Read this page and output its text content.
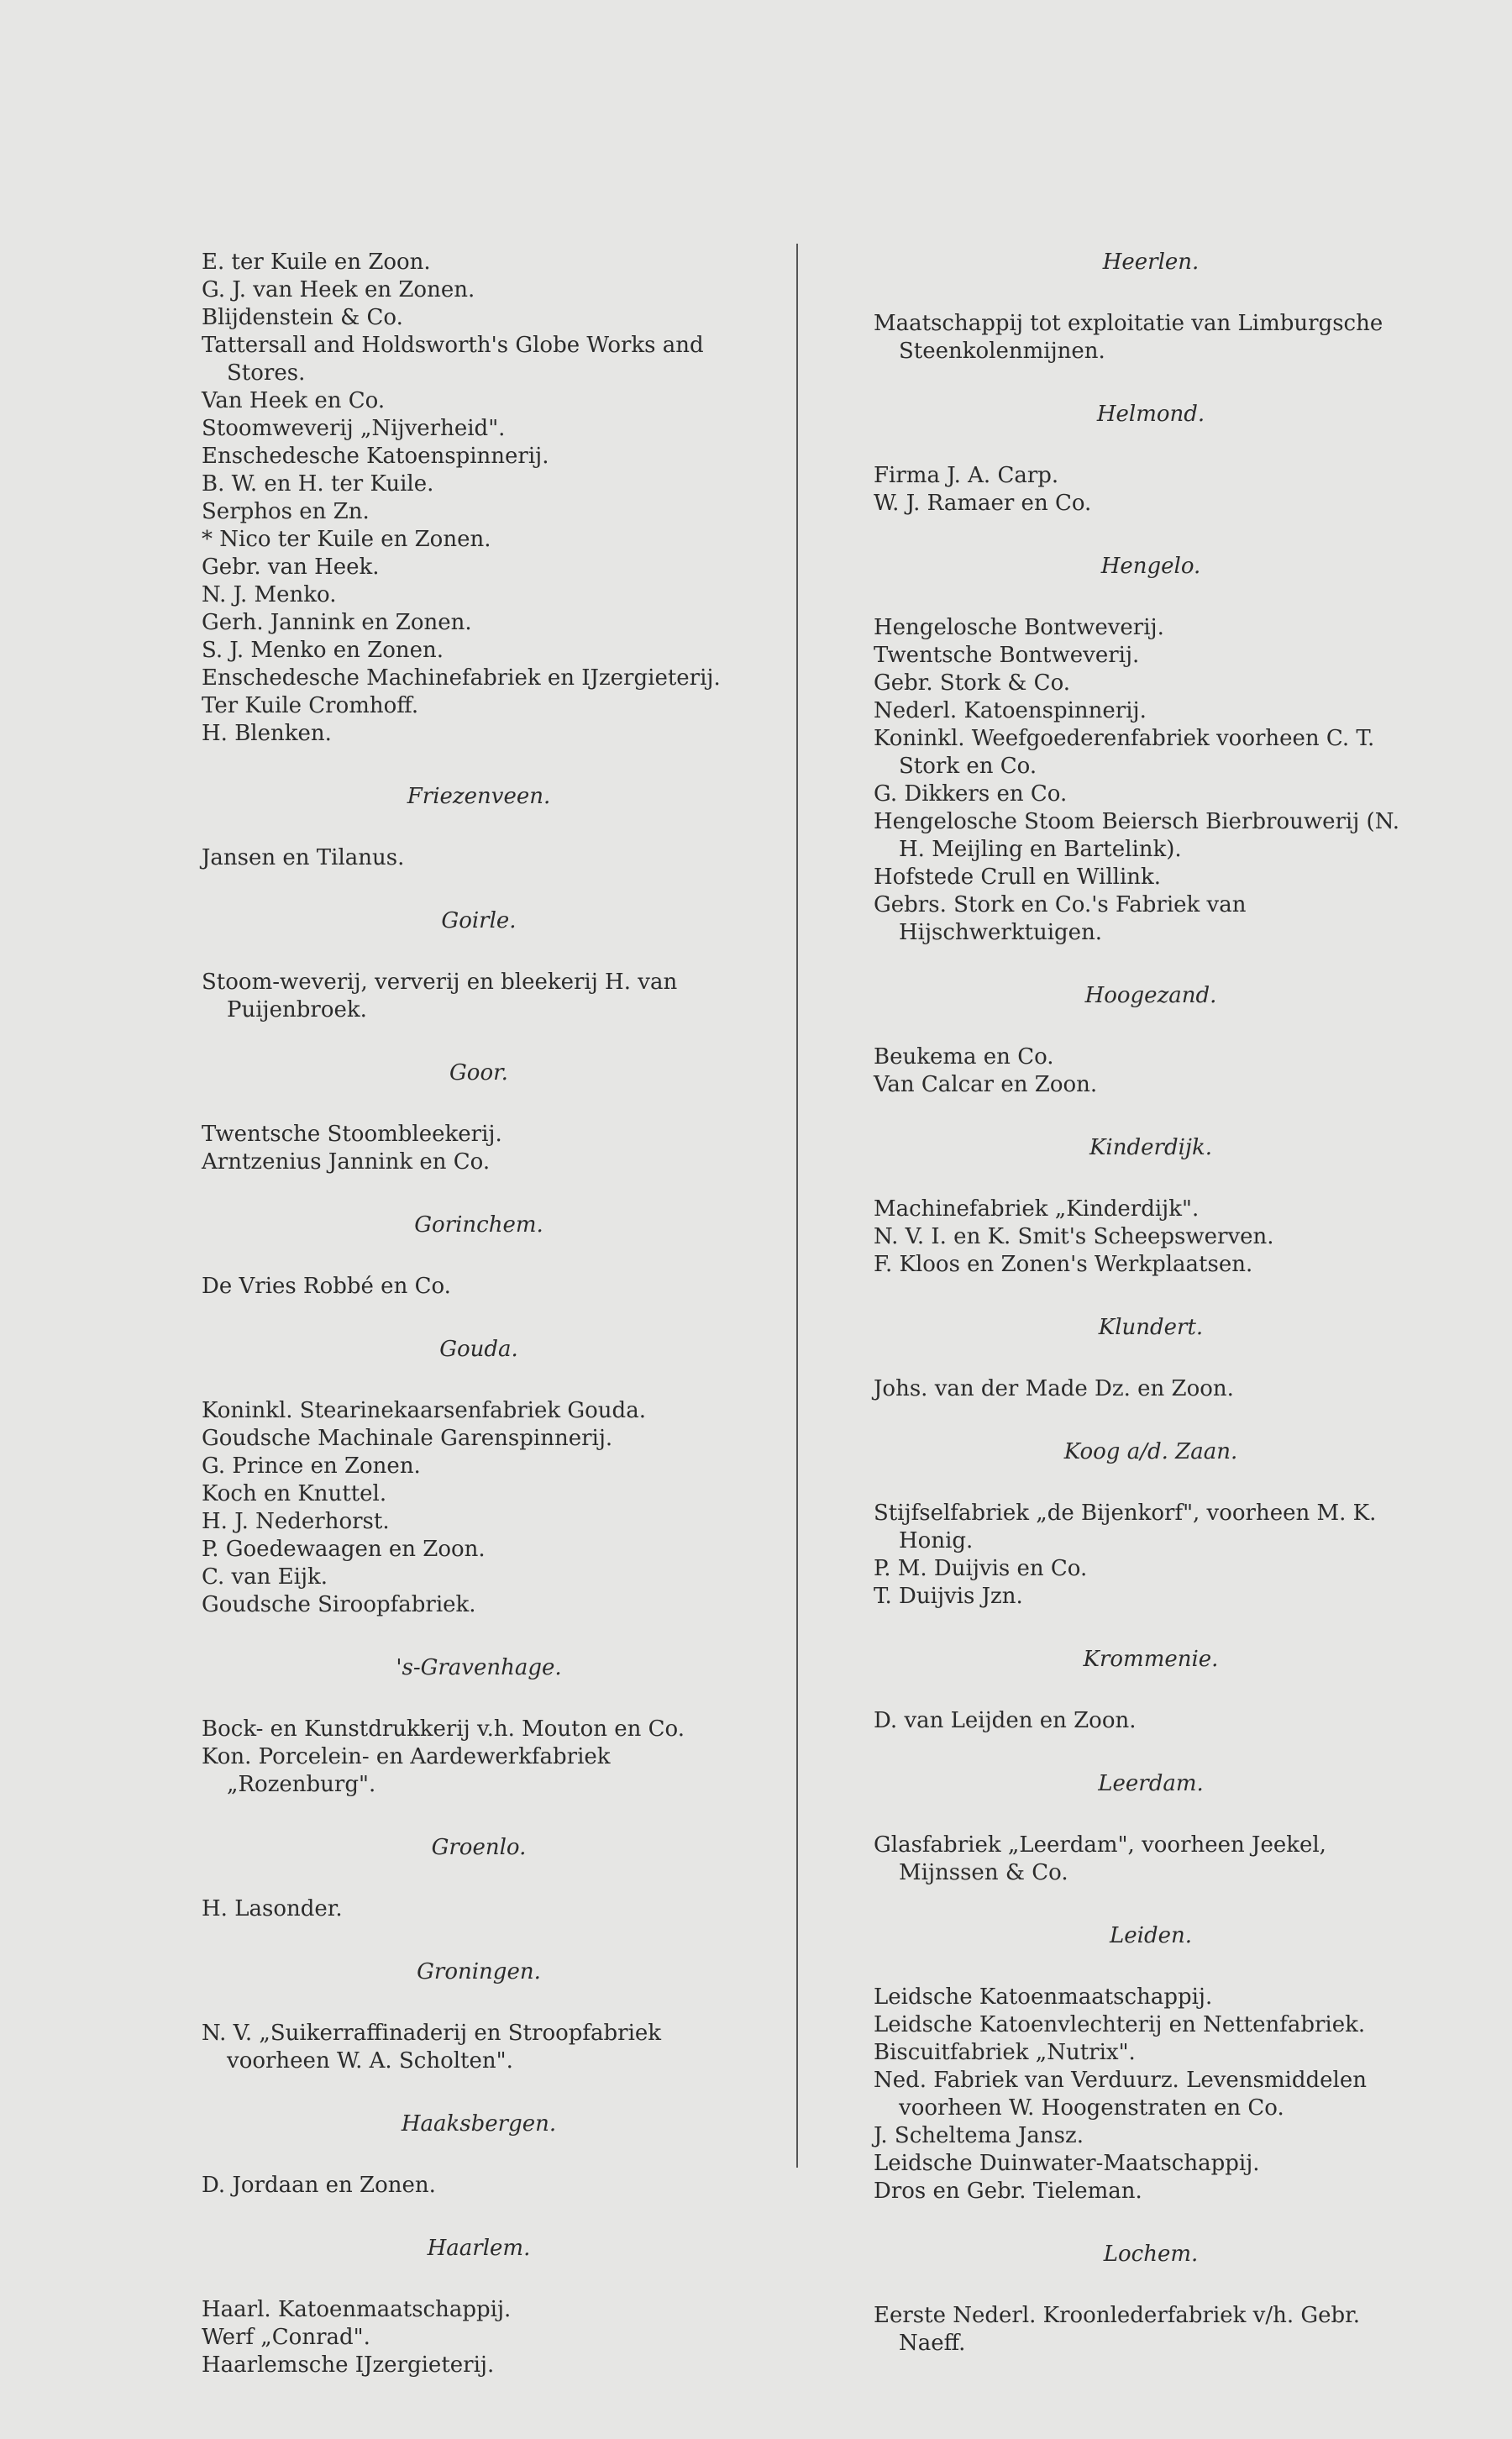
E. ter Kuile en Zoon.
G. J. van Heek en Zonen.
Blijdenstein & Co.
Tattersall and Holdsworth's Globe Works and Stores.
Van Heek en Co.
Stoomweverij „Nijverheid".
Enschedesche Katoenspinnerij.
B. W. en H. ter Kuile.
Serphos en Zn.
* Nico ter Kuile en Zonen.
Gebr. van Heek.
N. J. Menko.
Gerh. Jannink en Zonen.
S. J. Menko en Zonen.
Enschedesche Machinefabriek en IJzergieterij.
Ter Kuile Cromhoff.
H. Blenken.
Friezenveen.
Jansen en Tilanus.
Goirle.
Stoom-weverij, ververij en bleekerij H. van Puijenbroek.
Goor.
Twentsche Stoombleekerij.
Arntzenius Jannink en Co.
Gorinchem.
De Vries Robbé en Co.
Gouda.
Koninkl. Stearinekaarsenfabriek Gouda.
Goudsche Machinale Garenspinnerij.
G. Prince en Zonen.
Koch en Knuttel.
H. J. Nederhorst.
P. Goedewaagen en Zoon.
C. van Eijk.
Goudsche Siroopfabriek.
's-Gravenhage.
Bock- en Kunstdrukkerij v.h. Mouton en Co.
Kon. Porcelein- en Aardewerkfabriek „Rozenburg".
Groenlo.
H. Lasonder.
Groningen.
N. V. „Suikerraffinaderij en Stroopfabriek voorheen W. A. Scholten".
Haaksbergen.
D. Jordaan en Zonen.
Haarlem.
Haarl. Katoenmaatschappij.
Werf „Conrad".
Haarlemsche IJzergieterij.
Heerlen.
Maatschappij tot exploitatie van Limburgsche Steenkolenmijnen.
Helmond.
Firma J. A. Carp.
W. J. Ramaer en Co.
Hengelo.
Hengelosche Bontweverij.
Twentsche Bontweverij.
Gebr. Stork & Co.
Nederl. Katoenspinnerij.
Koninkl. Weefgoederenfabriek voorheen C. T. Stork en Co.
G. Dikkers en Co.
Hengelosche Stoom Beiersch Bierbrouwerij (N. H. Meijling en Bartelink).
Hofstede Crull en Willink.
Gebrs. Stork en Co.'s Fabriek van Hijschwerktuigen.
Hoogezand.
Beukema en Co.
Van Calcar en Zoon.
Kinderdijk.
Machinefabriek „Kinderdijk".
N. V. I. en K. Smit's Scheepswerven.
F. Kloos en Zonen's Werkplaatsen.
Klundert.
Johs. van der Made Dz. en Zoon.
Koog a/d. Zaan.
Stijfselfabriek „de Bijenkorf", voorheen M. K. Honig.
P. M. Duijvis en Co.
T. Duijvis Jzn.
Krommenie.
D. van Leijden en Zoon.
Leerdam.
Glasfabriek „Leerdam", voorheen Jeekel, Mijnssen & Co.
Leiden.
Leidsche Katoenmaatschappij.
Leidsche Katoenvlechterij en Nettenfabriek.
Biscuitfabriek „Nutrix".
Ned. Fabriek van Verduurz. Levensmiddelen voorheen W. Hoogenstraten en Co.
J. Scheltema Jansz.
Leidsche Duinwater-Maatschappij.
Dros en Gebr. Tieleman.
Lochem.
Eerste Nederl. Kroonlederfabriek v/h. Gebr. Naeff.
